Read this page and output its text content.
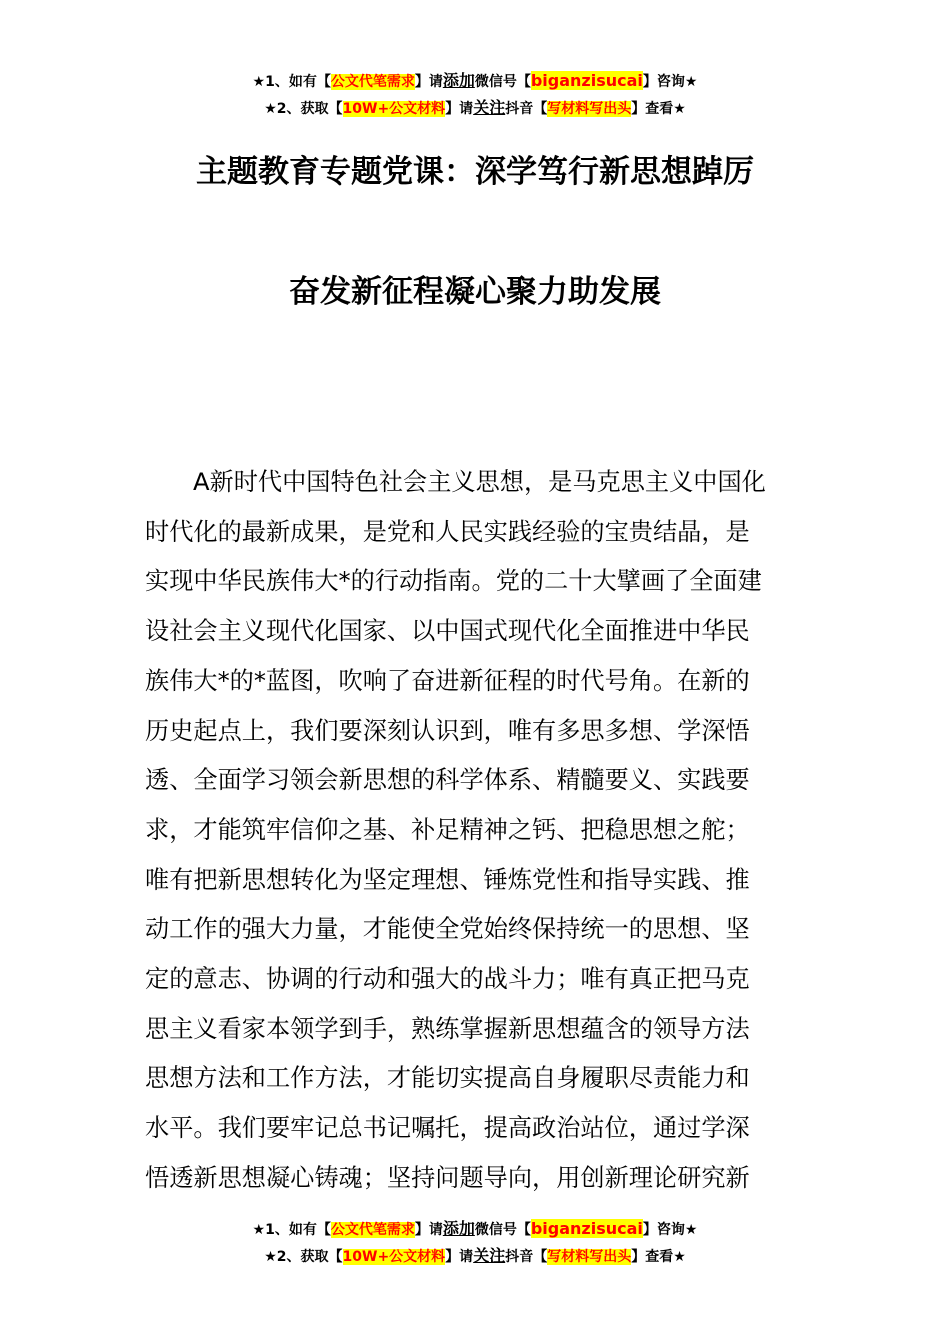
★1、如有【公文代笔需求】请添加微信号【biganzisucai】咨询★
★2、获取【10W+公文材料】请关注抖音【写材料写出头】查看★
主题教育专题党课：深学笃行新思想踔厉
奋发新征程凝心聚力助发展
A新时代中国特色社会主义思想，是马克思主义中国化
时代化的最新成果，是党和人民实践经验的宝贵结晶，是
实现中华民族伟大*的行动指南。党的二十大擘画了全面建
设社会主义现代化国家、以中国式现代化全面推进中华民
族伟大*的*蓝图，吹响了奋进新征程的时代号角。在新的
历史起点上，我们要深刻认识到，唯有多思多想、学深悟
透、全面学习领会新思想的科学体系、精髓要义、实践要
求，才能筑牢信仰之基、补足精神之钙、把稳思想之舵；
唯有把新思想转化为坚定理想、锤炼党性和指导实践、推
动工作的强大力量，才能使全党始终保持统一的思想、坚
定的意志、协调的行动和强大的战斗力；唯有真正把马克
思主义看家本领学到手，熟练掌握新思想蕴含的领导方法
思想方法和工作方法，才能切实提高自身履职尽责能力和
水平。我们要牢记总书记嘱托，提高政治站位，通过学深
悟透新思想凝心铸魂；坚持问题导向，用创新理论研究新
★1、如有【公文代笔需求】请添加微信号【biganzisucai】咨询★
★2、获取【10W+公文材料】请关注抖音【写材料写出头】查看★
